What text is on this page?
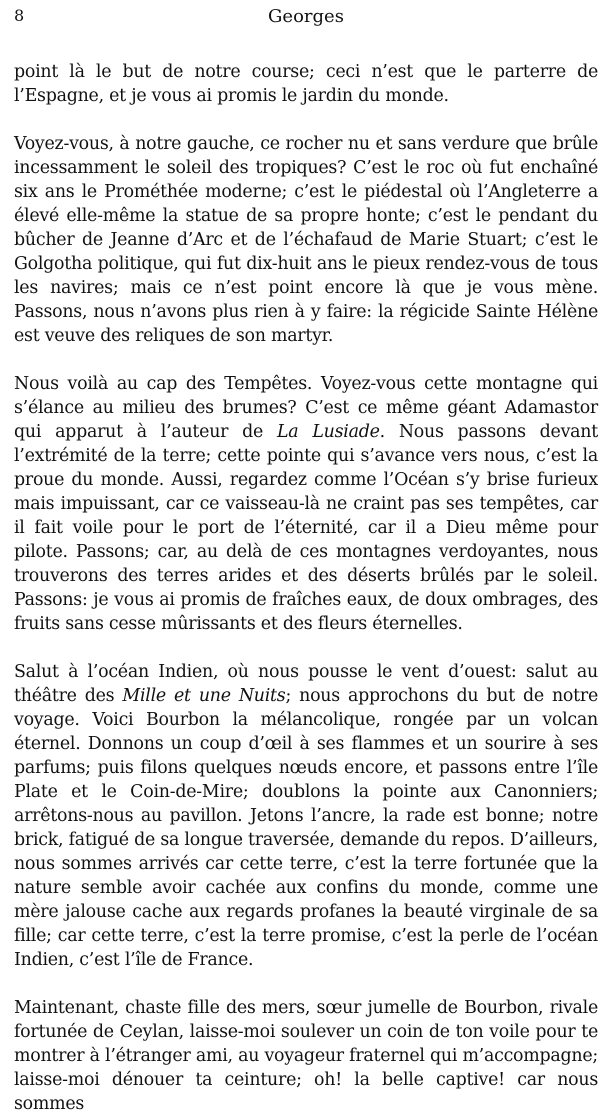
8	Georges

point là le but de notre course; ceci n’est que le parterre de l’Espagne, et je vous ai promis le jardin du monde.

Voyez-vous, à notre gauche, ce rocher nu et sans verdure que brûle incessamment le soleil des tropiques? C’est le roc où fut enchaîné six ans le Prométhée moderne; c’est le piédestal où l’Angleterre a élevé elle-même la statue de sa propre honte; c’est le pendant du bûcher de Jeanne d’Arc et de l’échafaud de Marie Stuart; c’est le Golgotha politique, qui fut dix-huit ans le pieux rendez-vous de tous les navires; mais ce n’est point encore là que je vous mène. Passons, nous n’avons plus rien à y faire: la régicide Sainte Hélène est veuve des reliques de son martyr.

Nous voilà au cap des Tempêtes. Voyez-vous cette montagne qui s’élance au milieu des brumes? C’est ce même géant Adamastor qui apparut à l’auteur de La Lusiade. Nous passons devant l’extrémité de la terre; cette pointe qui s’avance vers nous, c’est la proue du monde. Aussi, regardez comme l’Océan s’y brise furieux mais impuissant, car ce vaisseau-là ne craint pas ses tempêtes, car il fait voile pour le port de l’éternité, car il a Dieu même pour pilote. Passons; car, au delà de ces montagnes verdoyantes, nous trouverons des terres arides et des déserts brûlés par le soleil. Passons: je vous ai promis de fraîches eaux, de doux ombrages, des fruits sans cesse mûrissants et des fleurs éternelles.

Salut à l’océan Indien, où nous pousse le vent d’ouest: salut au théâtre des Mille et une Nuits; nous approchons du but de notre voyage. Voici Bourbon la mélancolique, rongée par un volcan éternel. Donnons un coup d’œil à ses flammes et un sourire à ses parfums; puis filons quelques nœuds encore, et passons entre l’île Plate et le Coin-de-Mire; doublons la pointe aux Canonniers; arrêtons-nous au pavillon. Jetons l’ancre, la rade est bonne; notre brick, fatigué de sa longue traversée, demande du repos. D’ailleurs, nous sommes arrivés car cette terre, c’est la terre fortunée que la nature semble avoir cachée aux confins du monde, comme une mère jalouse cache aux regards profanes la beauté virginale de sa fille; car cette terre, c’est la terre promise, c’est la perle de l’océan Indien, c’est l’île de France.

Maintenant, chaste fille des mers, sœur jumelle de Bourbon, rivale fortunée de Ceylan, laisse-moi soulever un coin de ton voile pour te montrer à l’étranger ami, au voyageur fraternel qui m’accompagne; laisse-moi dénouer ta ceinture; oh! la belle captive! car nous sommes
